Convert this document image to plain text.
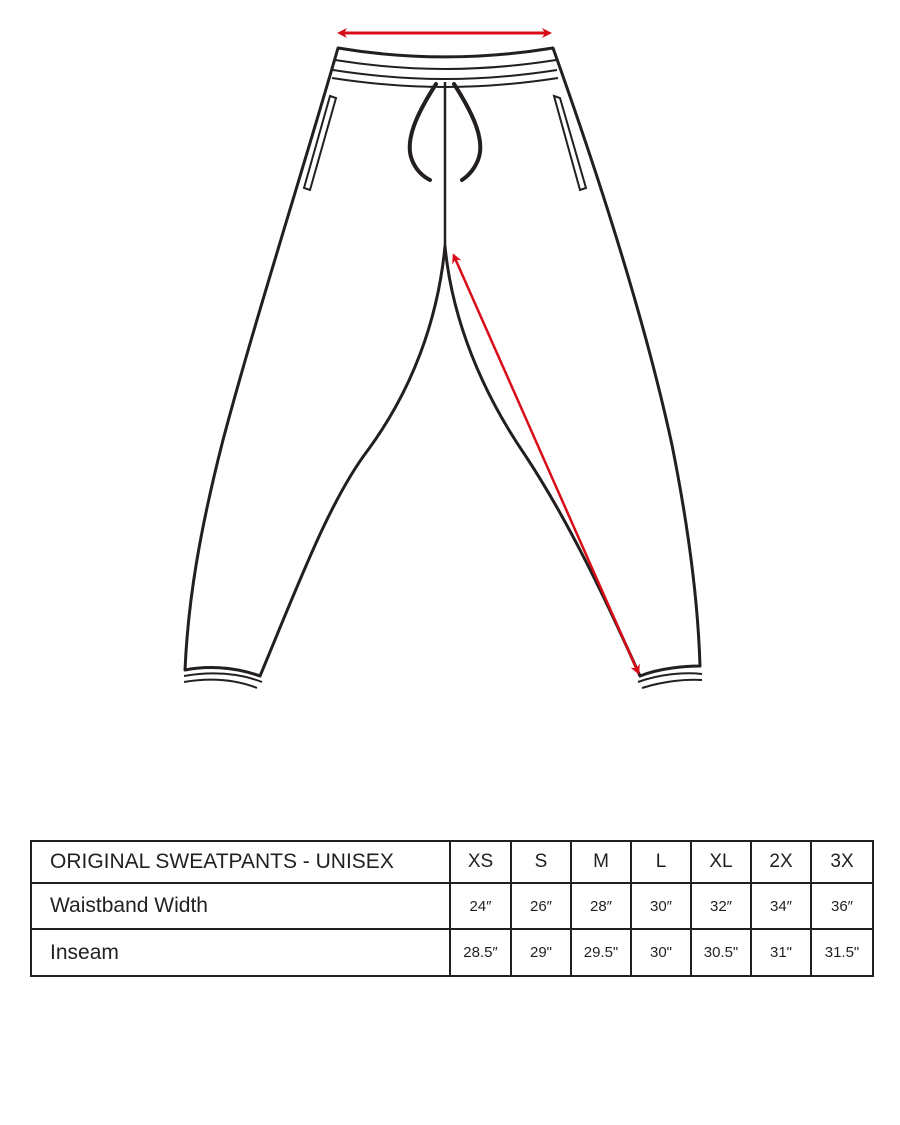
ORIGINAL SWEATPANTS - UNISEX	XS	S	M	L	XL	2X	3X
Waistband Width	24″	26″	28″	30″	32″	34″	36″
Inseam	28.5″	29"	29.5"	30"	30.5"	31"	31.5"
